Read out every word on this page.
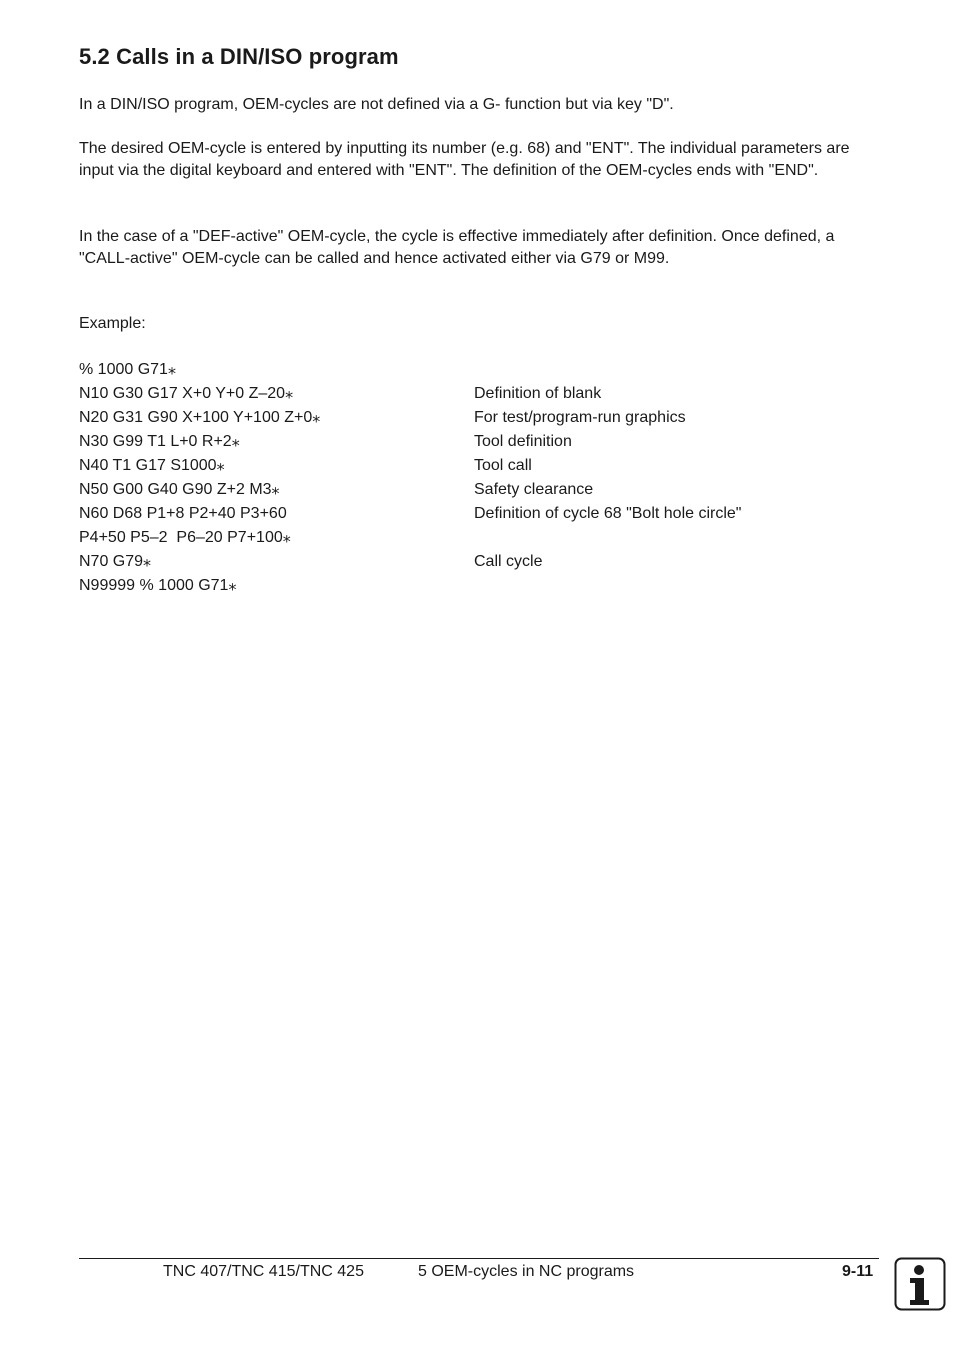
5.2 Calls in a DIN/ISO program

In a DIN/ISO program, OEM-cycles are not defined via a G- function but via key "D".

The desired OEM-cycle is entered by inputting its number (e.g. 68) and "ENT". The individual parameters are input via the digital keyboard and entered with "ENT". The definition of the OEM-cycles ends with "END".

In the case of a "DEF-active" OEM-cycle, the cycle is effective immediately after definition. Once defined, a "CALL-active" OEM-cycle can be called and hence activated either via G79 or M99.

Example:
% 1000 G71⁎
N10 G30 G17 X+0 Y+0 Z–20⁎	Definition of blank
N20 G31 G90 X+100 Y+100 Z+0⁎	For test/program-run graphics
N30 G99 T1 L+0 R+2⁎	Tool definition
N40 T1 G17 S1000⁎	Tool call
N50 G00 G40 G90 Z+2 M3⁎	Safety clearance
N60 D68 P1+8 P2+40 P3+60	Definition of cycle 68 "Bolt hole circle"
P4+50 P5–2  P6–20 P7+100⁎
N70 G79⁎	Call cycle
N99999 % 1000 G71⁎
TNC 407/TNC 415/TNC 425	5 OEM-cycles in NC programs	9-11
